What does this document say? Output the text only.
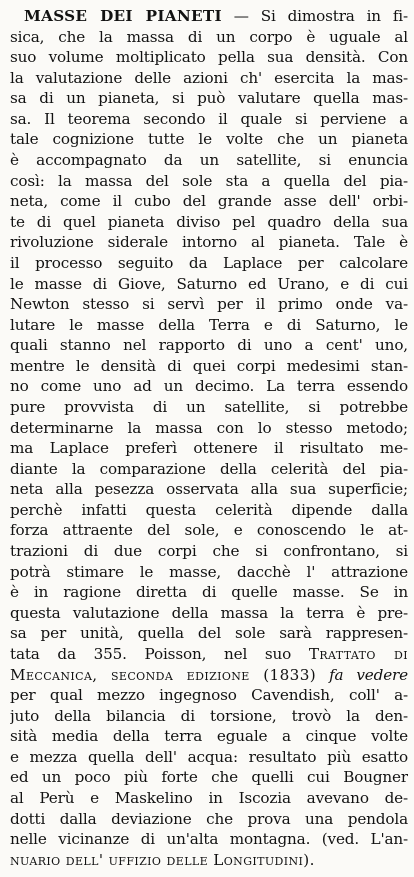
MASSE DEI PIANETI — Si dimostra in fi-
sica, che la massa di un corpo è uguale al
suo volume moltiplicato pella sua densità. Con
la valutazione delle azioni ch' esercita la mas-
sa di un pianeta, si può valutare quella mas-
sa. Il teorema secondo il quale si perviene a
tale cognizione tutte le volte che un pianeta
è accompagnato da un satellite, si enuncia
così: la massa del sole sta a quella del pia-
neta, come il cubo del grande asse dell' orbi-
te di quel pianeta diviso pel quadro della sua
rivoluzione siderale intorno al pianeta. Tale è
il processo seguito da Laplace per calcolare
le masse di Giove, Saturno ed Urano, e di cui
Newton stesso si servì per il primo onde va-
lutare le masse della Terra e di Saturno, le
quali stanno nel rapporto di uno a cent' uno,
mentre le densità di quei corpi medesimi stan-
no come uno ad un decimo. La terra essendo
pure provvista di un satellite, si potrebbe
determinarne la massa con lo stesso metodo;
ma Laplace preferì ottenere il risultato me-
diante la comparazione della celerità del pia-
neta alla pesezza osservata alla sua superficie;
perchè infatti questa celerità dipende dalla
forza attraente del sole, e conoscendo le at-
trazioni di due corpi che si confrontano, si
potrà stimare le masse, dacchè l' attrazione
è in ragione diretta di quelle masse. Se in
questa valutazione della massa la terra è pre-
sa per unità, quella del sole sarà rappresen-
tata da 355. Poisson, nel suo Trattato di
Meccanica, seconda edizione (1833) fa vedere
per qual mezzo ingegnoso Cavendish, coll' a-
juto della bilancia di torsione, trovò la den-
sità media della terra eguale a cinque volte
e mezza quella dell' acqua: resultato più esatto
ed un poco più forte che quelli cui Bougner
al Perù e Maskelino in Iscozia avevano de-
dotti dalla deviazione che prova una pendola
nelle vicinanze di un'alta montagna. (ved. L'an-
nuario dell' uffizio delle Longitudini).
